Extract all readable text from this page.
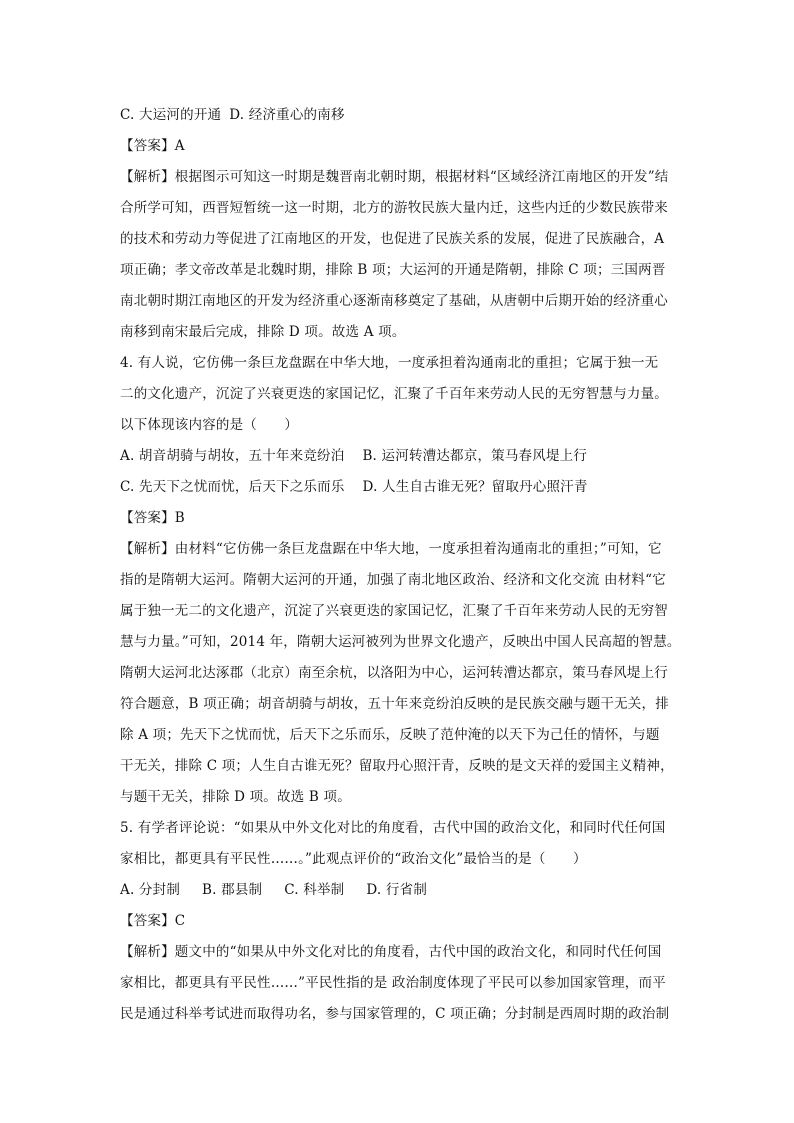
C. 大运河的开通 D. 经济重心的南移
【答案】A
【解析】根据图示可知这一时期是魏晋南北朝时期，根据材料“区域经济江南地区的开发”结
合所学可知，西晋短暂统一这一时期，北方的游牧民族大量内迁，这些内迁的少数民族带来
的技术和劳动力等促进了江南地区的开发，也促进了民族关系的发展，促进了民族融合，A
项正确；孝文帝改革是北魏时期，排除 B 项；大运河的开通是隋朝，排除 C 项；三国两晋
南北朝时期江南地区的开发为经济重心逐渐南移奠定了基础，从唐朝中后期开始的经济重心
南移到南宋最后完成，排除 D 项。故选 A 项。
4. 有人说，它仿佛一条巨龙盘踞在中华大地，一度承担着沟通南北的重担；它属于独一无
二的文化遗产，沉淀了兴衰更迭的家国记忆，汇聚了千百年来劳动人民的无穷智慧与力量。
以下体现该内容的是（　　）
A. 胡音胡骑与胡妆，五十年来竞纷泊 B. 运河转漕达都京，策马春风堤上行
C. 先天下之忧而忧，后天下之乐而乐 D. 人生自古谁无死？留取丹心照汗青
【答案】B
【解析】由材料“它仿佛一条巨龙盘踞在中华大地，一度承担着沟通南北的重担；”可知，它
指的是隋朝大运河。隋朝大运河的开通，加强了南北地区政治、经济和文化交流 由材料“它
属于独一无二的文化遗产，沉淀了兴衰更迭的家国记忆，汇聚了千百年来劳动人民的无穷智
慧与力量。”可知，2014 年，隋朝大运河被列为世界文化遗产，反映出中国人民高超的智慧。
隋朝大运河北达涿郡（北京）南至余杭，以洛阳为中心，运河转漕达都京，策马春风堤上行
符合题意，B 项正确；胡音胡骑与胡妆，五十年来竞纷泊反映的是民族交融与题干无关，排
除 A 项；先天下之忧而忧，后天下之乐而乐，反映了范仲淹的以天下为己任的情怀，与题
干无关，排除 C 项；人生自古谁无死？留取丹心照汗青，反映的是文天祥的爱国主义精神，
与题干无关，排除 D 项。故选 B 项。
5. 有学者评论说：“如果从中外文化对比的角度看，古代中国的政治文化，和同时代任何国
家相比，都更具有平民性……。”此观点评价的“政治文化”最恰当的是（　　）
A. 分封制 B. 郡县制 C. 科举制 D. 行省制
【答案】C
【解析】题文中的“如果从中外文化对比的角度看，古代中国的政治文化，和同时代任何国
家相比，都更具有平民性……”平民性指的是 政治制度体现了平民可以参加国家管理，而平
民是通过科举考试进而取得功名，参与国家管理的，C 项正确；分封制是西周时期的政治制
